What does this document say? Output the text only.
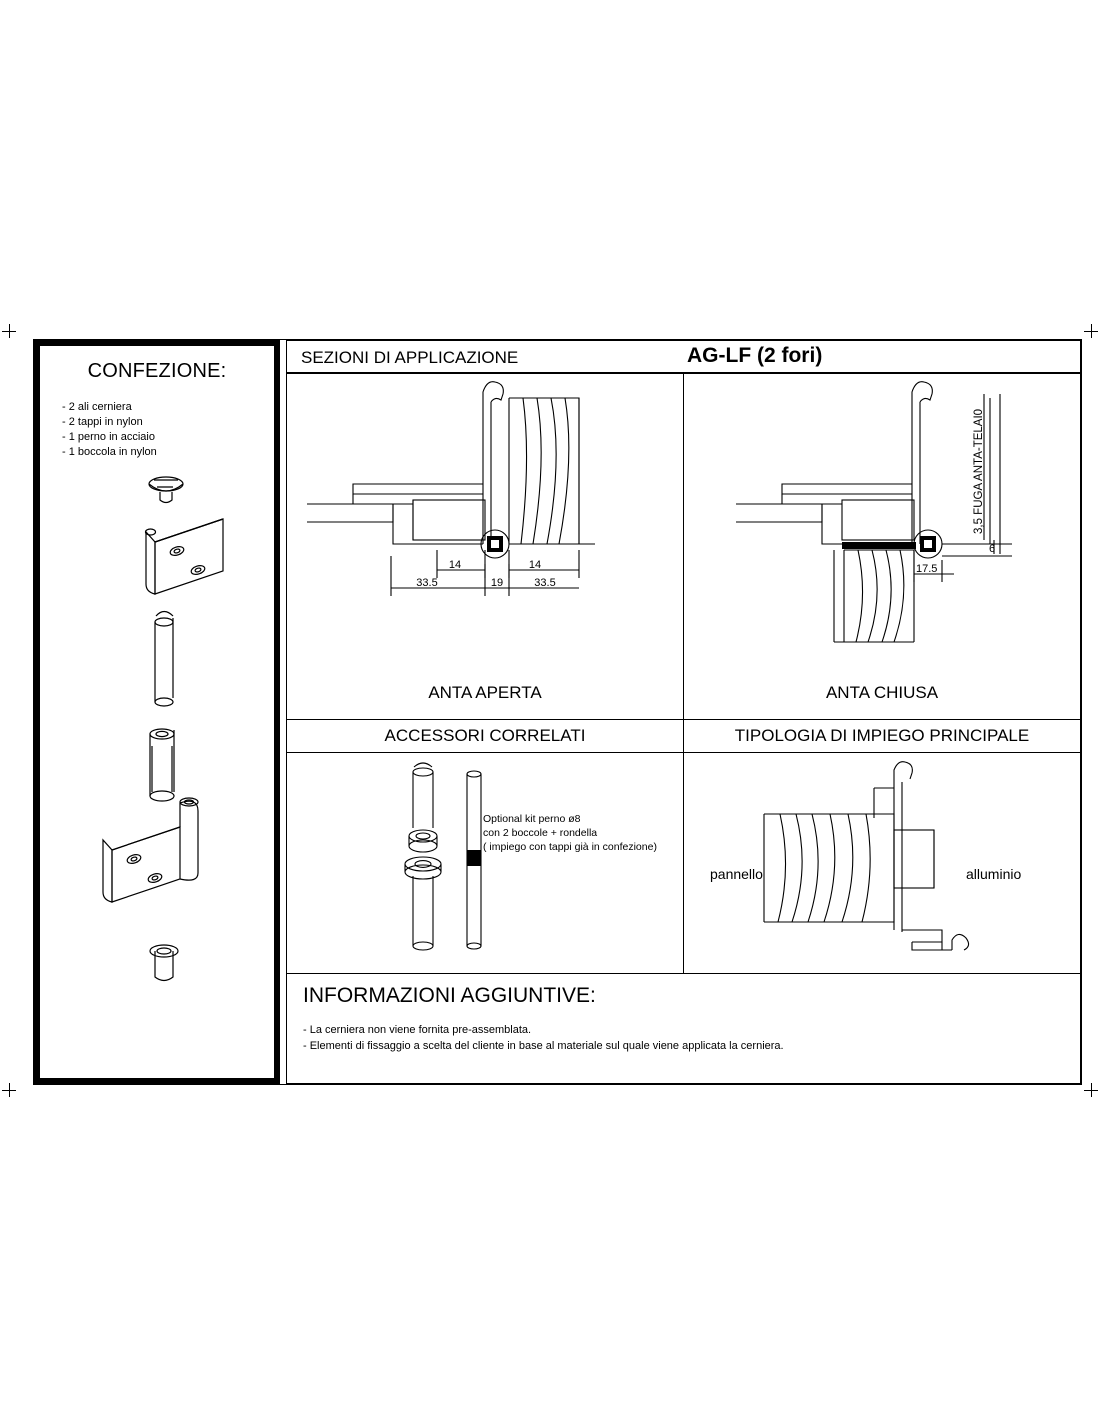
CONFEZIONE:
- 2 ali cerniera
- 2 tappi in nylon
- 1 perno in acciaio
- 1 boccola in nylon
SEZIONI DI APPLICAZIONE	AG-LF (2 fori)
14	14
33.5	19	33.5
ANTA APERTA
17.5
6
3,5 FUGA ANTA-TELAI0
ANTA CHIUSA
ACCESSORI CORRELATI
Optional kit perno ø8
con 2 boccole + rondella
( impiego con tappi già in confezione)
TIPOLOGIA DI IMPIEGO PRINCIPALE
pannello	alluminio
INFORMAZIONI AGGIUNTIVE:
- La cerniera non viene fornita pre-assemblata.
- Elementi di fissaggio a scelta del cliente in base al materiale sul quale viene applicata la cerniera.
